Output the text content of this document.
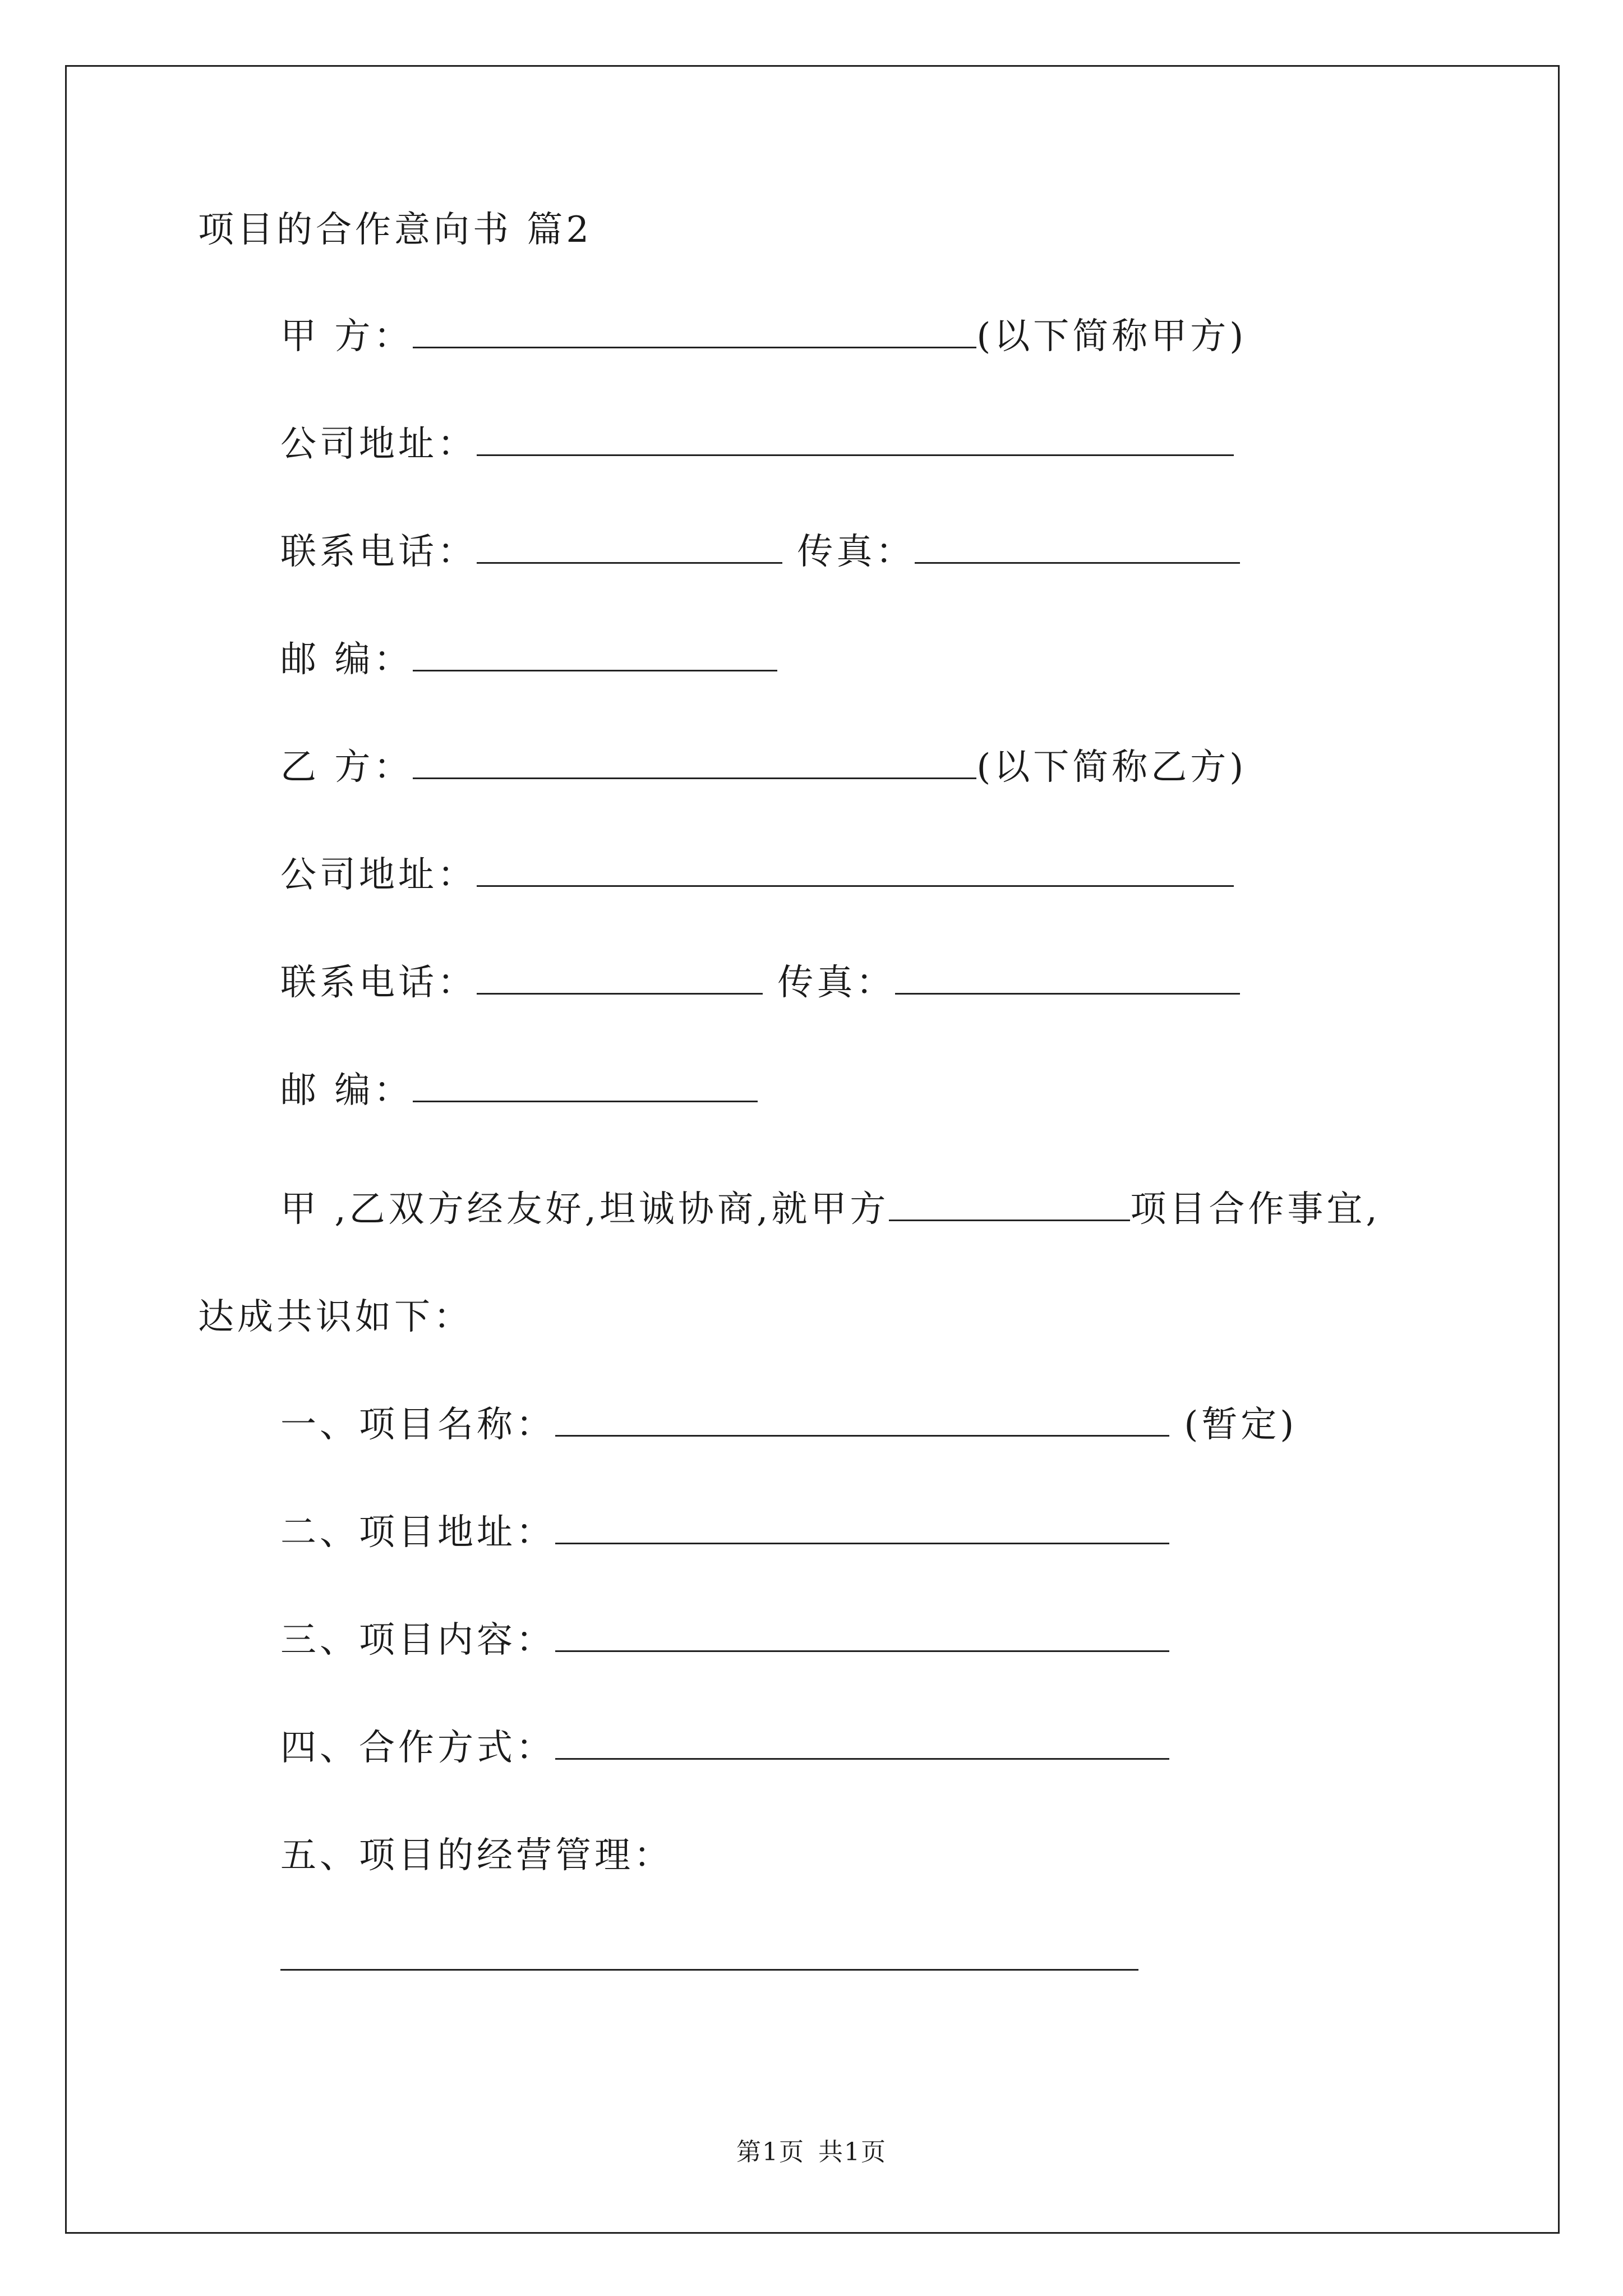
项目的合作意向书 篇2
甲 方：	(以下简称甲方)
公司地址：
联系电话：	传真：
邮 编：
乙 方：	(以下简称乙方)
公司地址：
联系电话：	传真：
邮 编：
甲 ,乙双方经友好,坦诚协商,就甲方	项目合作事宜,
达成共识如下：
一、项目名称：	(暂定)
二、项目地址：
三、项目内容：
四、合作方式：
五、项目的经营管理：
第1页 共1页
